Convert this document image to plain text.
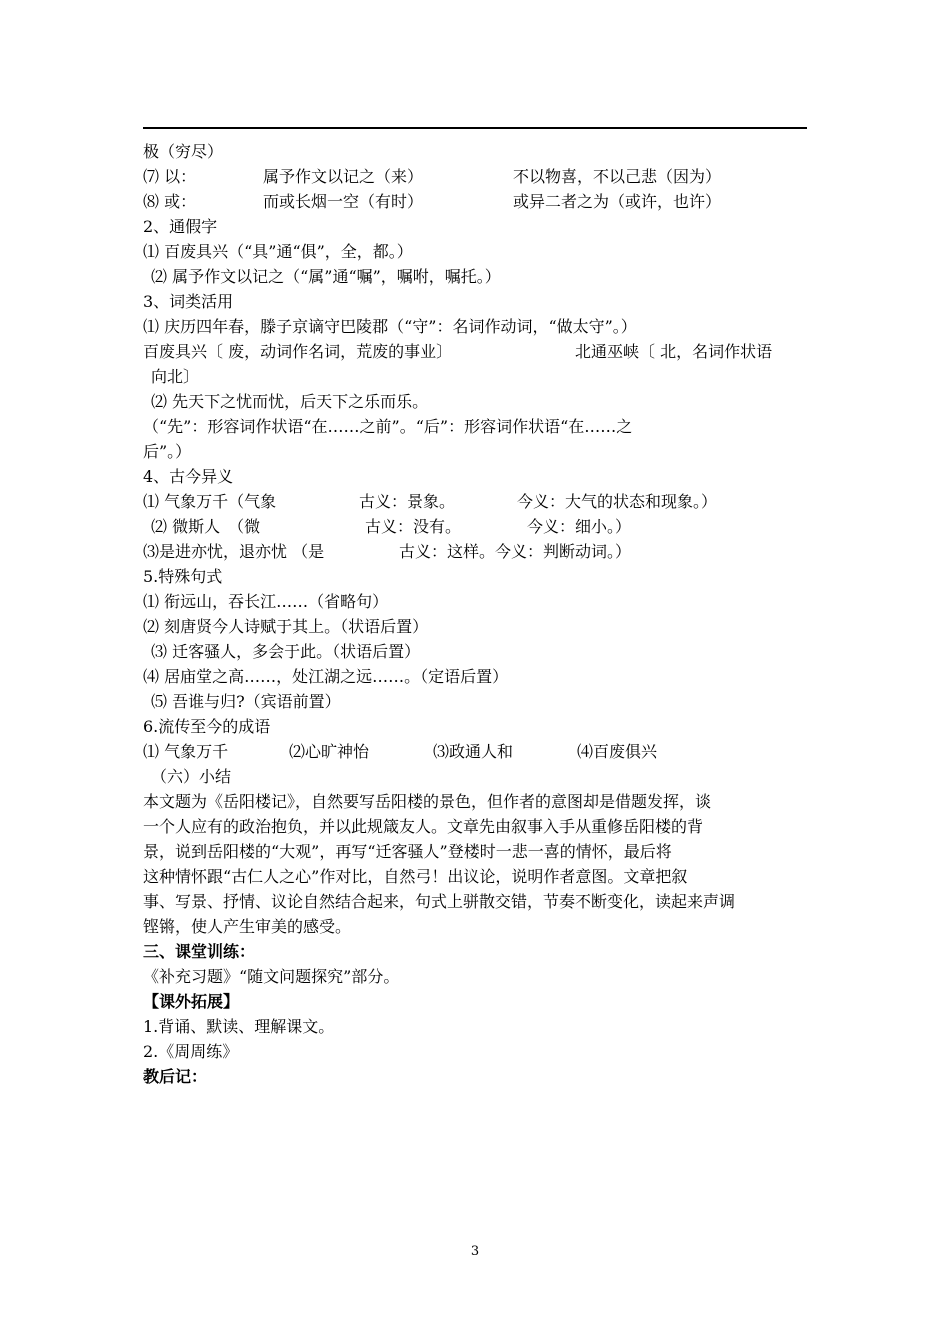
极（穷尽）
⑺ 以：	属予作文以记之（来）	不以物喜，不以己悲（因为）
⑻ 或：	而或长烟一空（有时）	或异二者之为（或许，也许）
2、通假字
⑴ 百废具兴（“具”通“俱”，全，都。）
⑵ 属予作文以记之（“属”通“嘱”，嘱咐，嘱托。）
3、词类活用
⑴ 庆历四年春，滕子京谪守巴陵郡（“守”：名词作动词，“做太守”。）
百废具兴〔 废，动词作名词，荒废的事业〕	北通巫峡〔 北，名词作状语
向北〕
⑵ 先天下之忧而忧，后天下之乐而乐。
（“先”：形容词作状语“在……之前”。“后”：形容词作状语“在……之
后”。）
4、古今异义
⑴ 气象万千（气象	古义：景象。	今义：大气的状态和现象。）
⑵ 微斯人　（微	古义：没有。	今义：细小。）
⑶是进亦忧，退亦忧 （是	古义：这样。今义：判断动词。）
5.特殊句式
⑴ 衔远山，吞长江……（省略句）
⑵ 刻唐贤今人诗赋于其上。（状语后置）
⑶ 迁客骚人，多会于此。（状语后置）
⑷ 居庙堂之高……，处江湖之远……。（定语后置）
⑸ 吾谁与归?（宾语前置）
6.流传至今的成语
⑴ 气象万千	⑵心旷神怡	⑶政通人和	⑷百废俱兴
（六）小结
本文题为《岳阳楼记》，自然要写岳阳楼的景色，但作者的意图却是借题发挥，谈
一个人应有的政治抱负，并以此规箴友人。文章先由叙事入手从重修岳阳楼的背
景，说到岳阳楼的“大观”，再写“迁客骚人”登楼时一悲一喜的情怀，最后将
这种情怀跟“古仁人之心”作对比，自然弓！出议论，说明作者意图。文章把叙
事、写景、抒情、议论自然结合起来，句式上骈散交错，节奏不断变化，读起来声调
铿锵，使人产生审美的感受。
三、课堂训练：
《补充习题》“随文问题探究”部分。
【课外拓展】
1.背诵、默读、理解课文。
2.《周周练》
教后记：
3
